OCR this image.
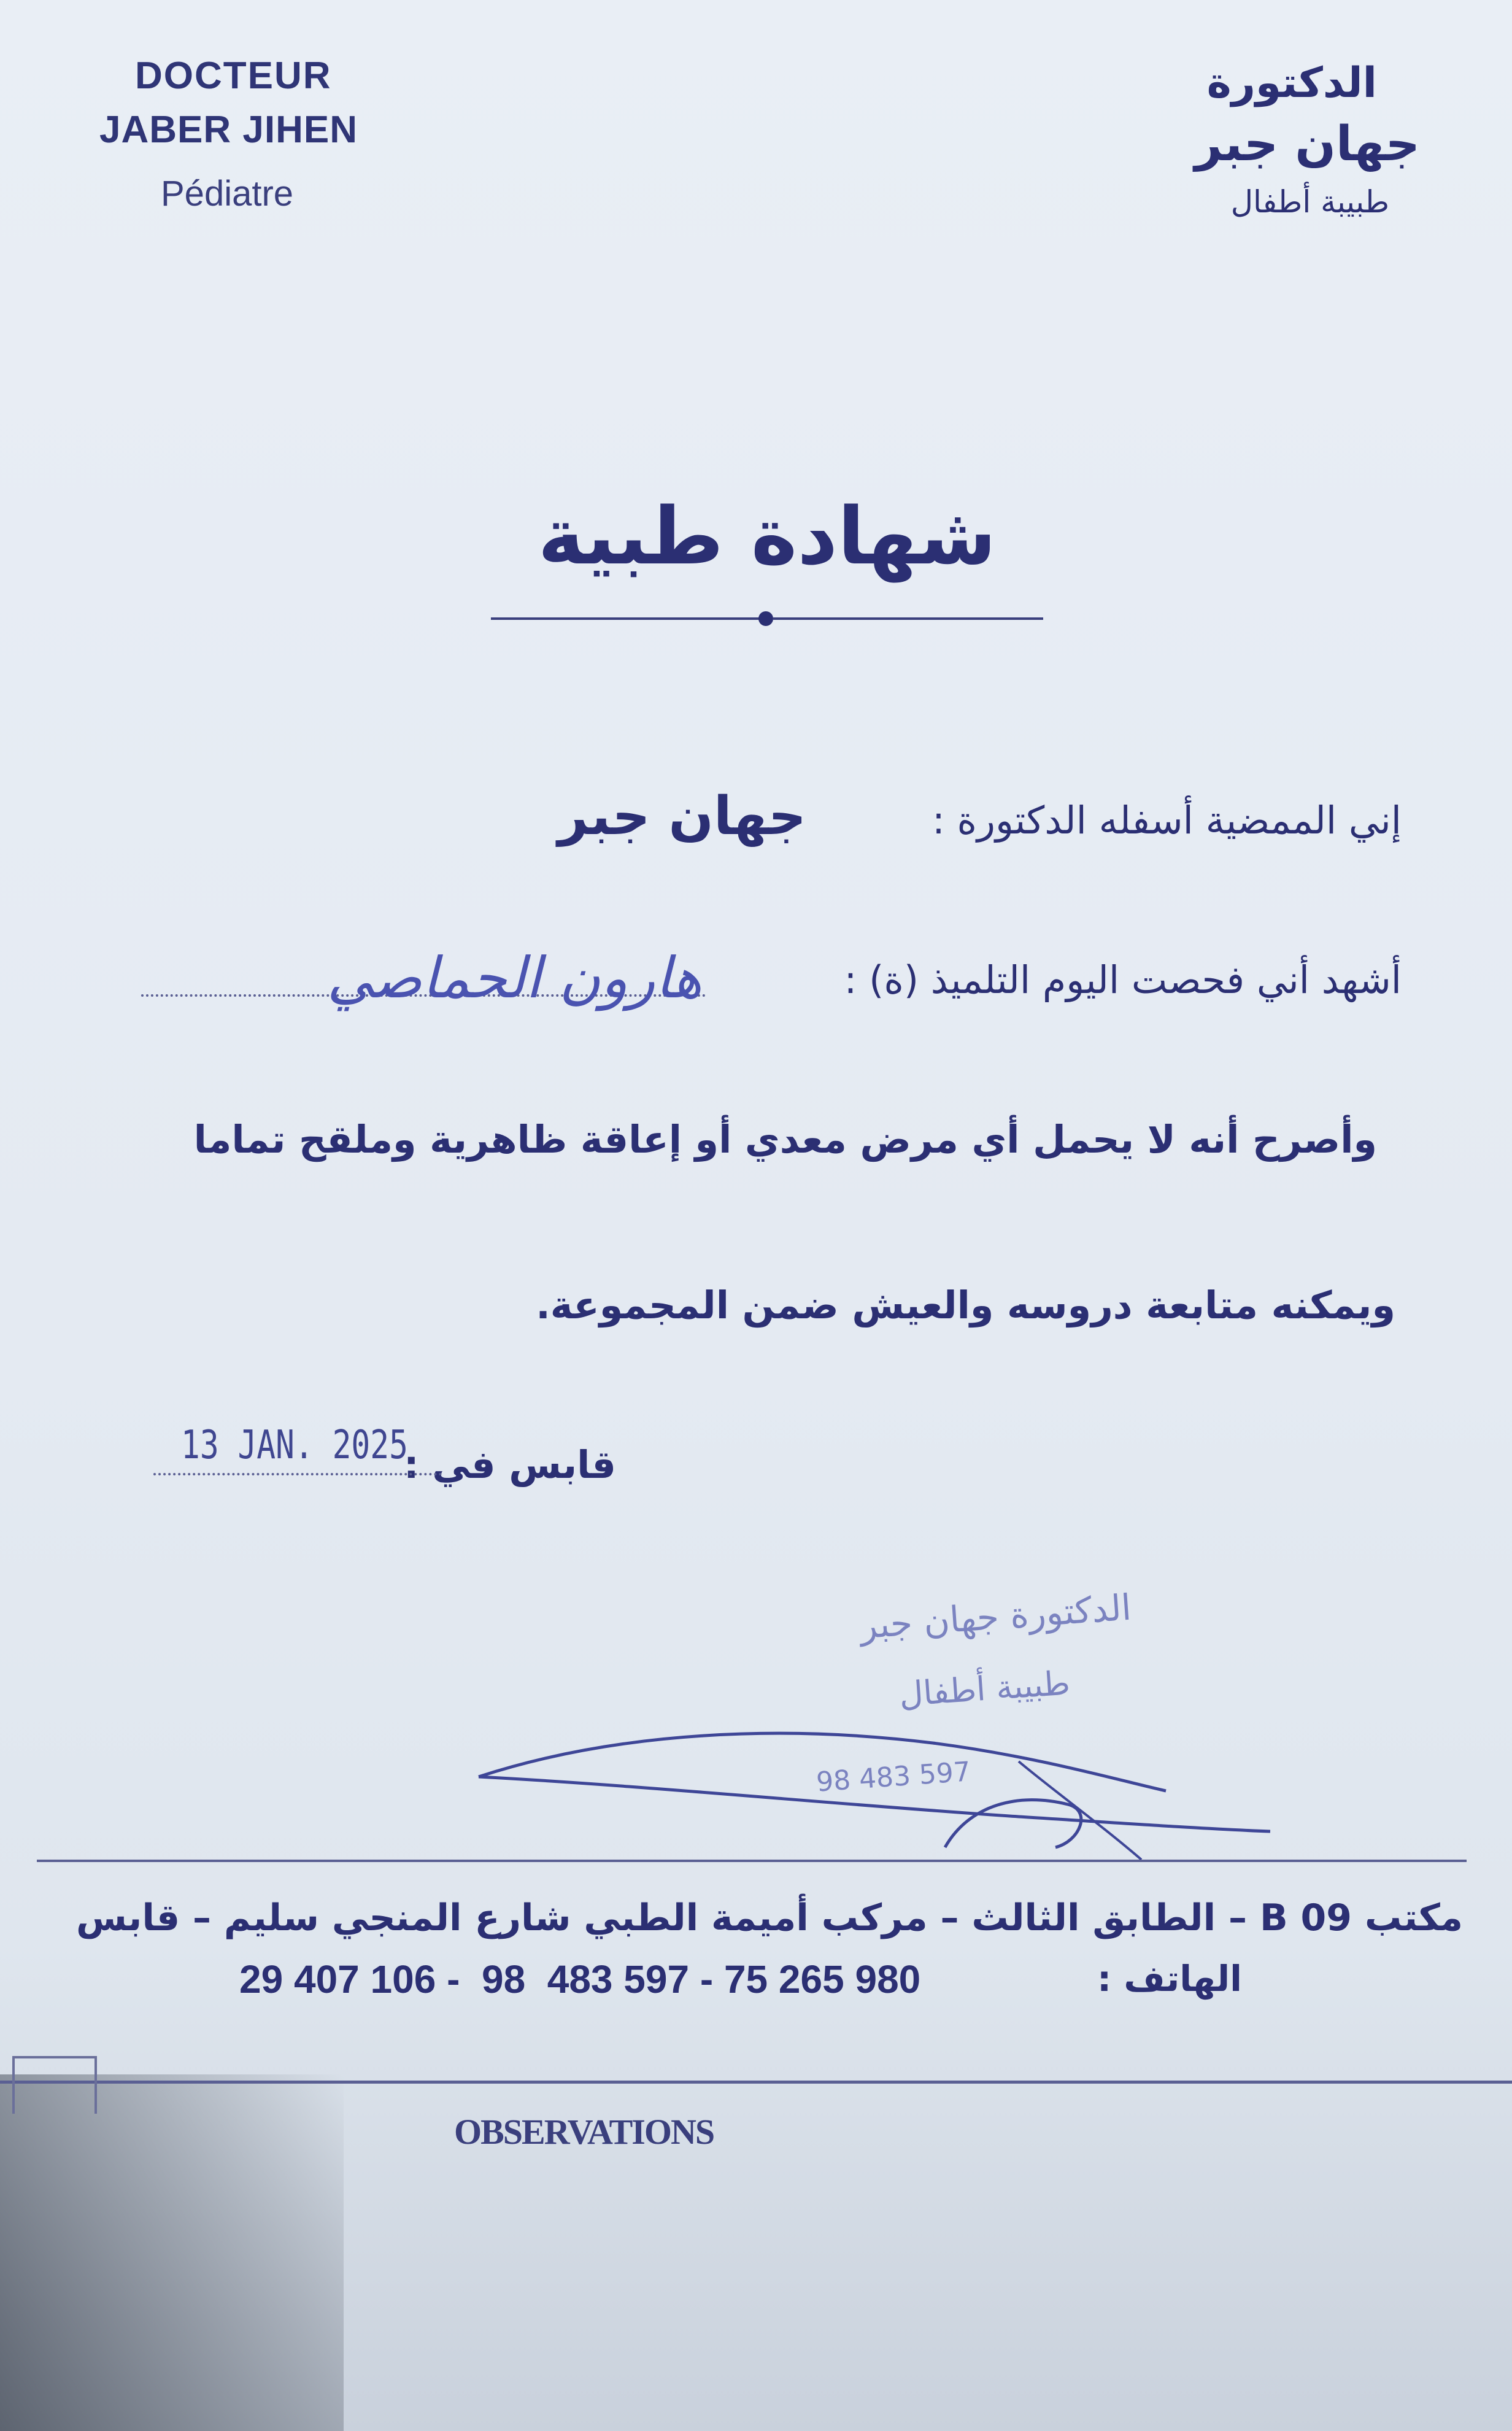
DOCTEUR
JABER JIHEN
Pédiatre
الدكتورة
جهان جبر
طبيبة أطفال
شهادة طبية
إني الممضية أسفله الدكتورة :
جهان جبر
أشهد أني فحصت اليوم التلميذ (ة) :
هارون الحماصي
وأصرح أنه لا يحمل أي مرض معدي أو إعاقة ظاهرية وملقح تماما
ويمكنه متابعة دروسه والعيش ضمن المجموعة.
قابس في :
13 JAN. 2025
الدكتورة جهان جبر
طبيبة أطفال
98 483 597
مكتب B 09 – الطابق الثالث – مركب أميمة الطبي شارع المنجي سليم – قابس
الهاتف :
29 407 106 -  98  483 597 - 75 265 980
OBSERVATIONS
